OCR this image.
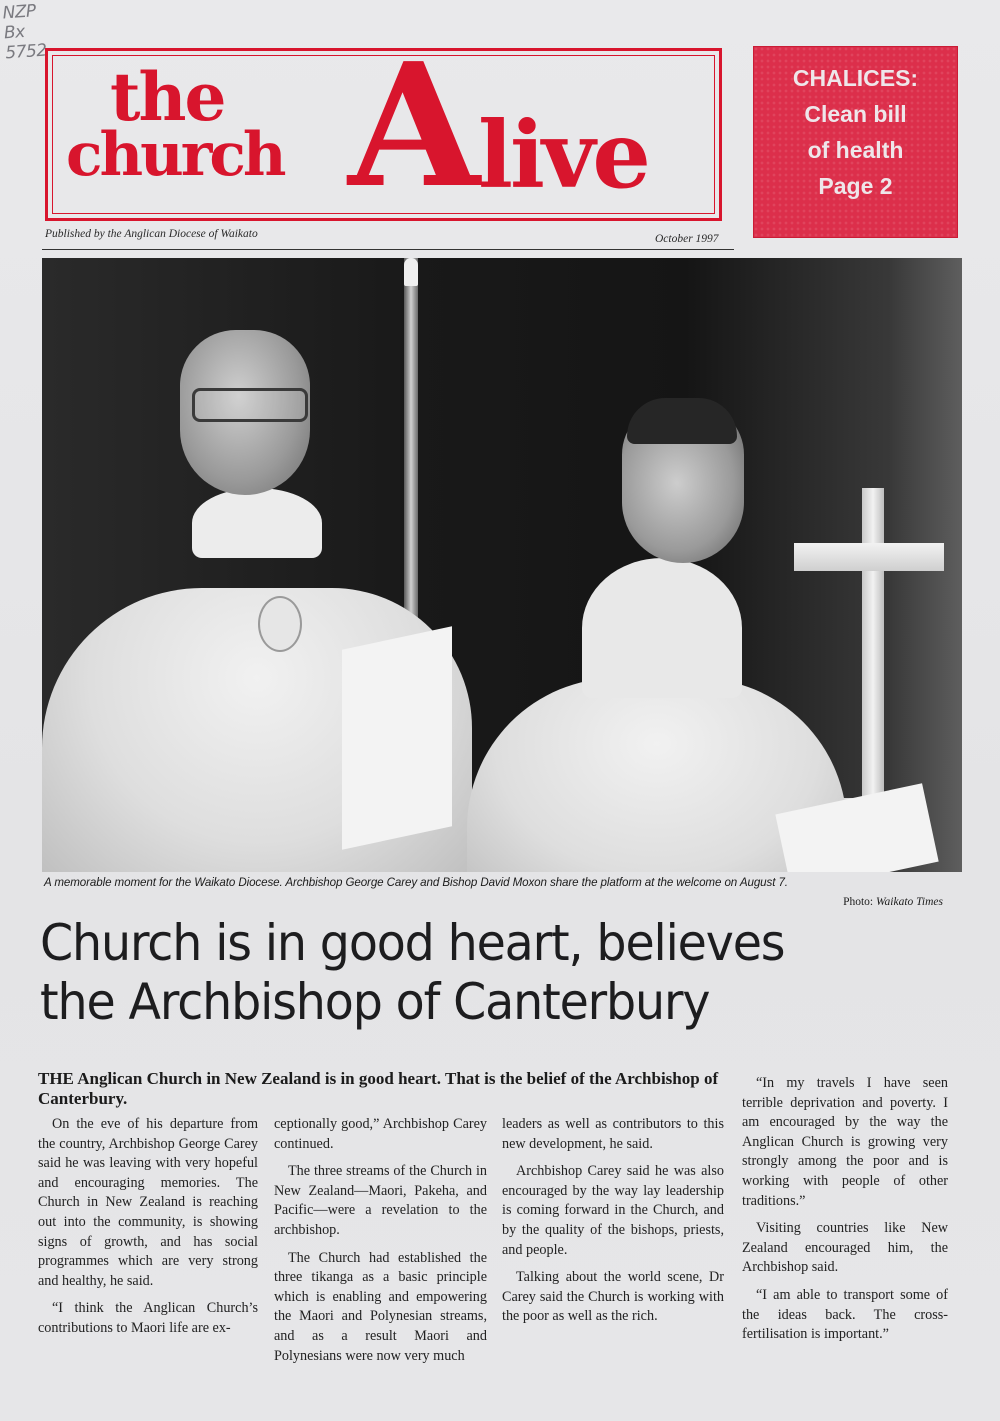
NZP
Bx
5752
the
church A
live
CHALICES:
Clean bill
of health
Page 2
Published by the Anglican Diocese of Waikato	October 1997
A memorable moment for the Waikato Diocese. Archbishop George Carey and Bishop David Moxon share the platform at the welcome on August 7.
Photo: Waikato Times
Church is in good heart, believes
the Archbishop of Canterbury
THE Anglican Church in New Zealand is in good heart. That is the belief of the Archbishop of Canterbury.

On the eve of his departure from the country, Archbishop George Carey said he was leaving with very hopeful and encouraging memories. The Church in New Zealand is reaching out into the community, is showing signs of growth, and has social programmes which are very strong and healthy, he said.

“I think the Anglican Church’s contributions to Maori life are ex-

ceptionally good,” Archbishop Carey continued.

The three streams of the Church in New Zealand—Maori, Pakeha, and Pacific—were a revelation to the archbishop.

The Church had established the three tikanga as a basic principle which is enabling and empowering the Maori and Polynesian streams, and as a result Maori and Polynesians were now very much

leaders as well as contributors to this new development, he said.

Archbishop Carey said he was also encouraged by the way lay leadership is coming forward in the Church, and by the quality of the bishops, priests, and people.

Talking about the world scene, Dr Carey said the Church is working with the poor as well as the rich.

“In my travels I have seen terrible deprivation and poverty. I am encouraged by the way the Anglican Church is growing very strongly among the poor and is working with people of other traditions.”

Visiting countries like New Zealand encouraged him, the Archbishop said.

“I am able to transport some of the ideas back. The cross-fertilisation is important.”
